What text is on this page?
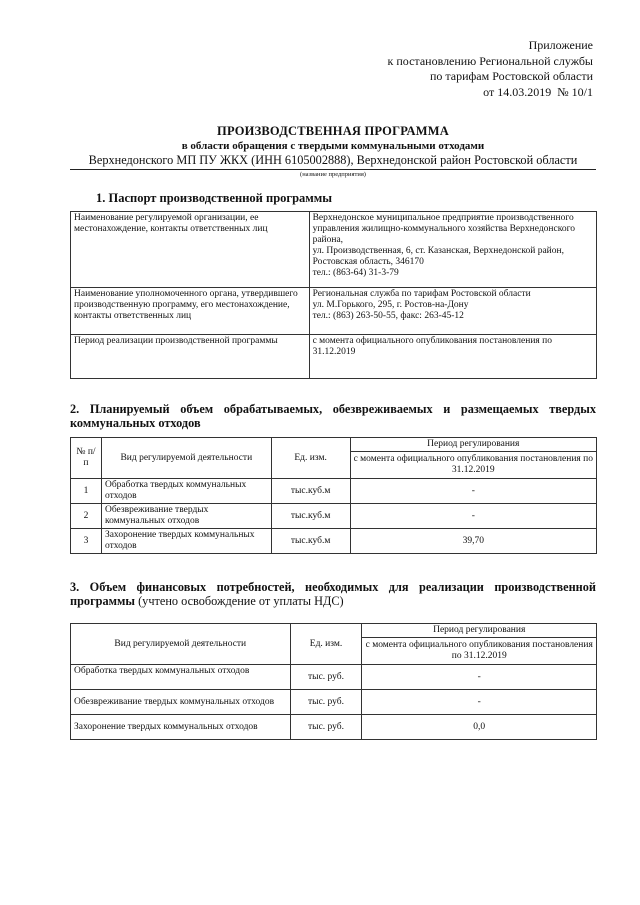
Приложение
к постановлению Региональной службы
по тарифам Ростовской области
от 14.03.2019  № 10/1
ПРОИЗВОДСТВЕННАЯ ПРОГРАММА
в области обращения с твердыми коммунальными отходами
Верхнедонского МП ПУ ЖКХ (ИНН 6105002888), Верхнедонской район Ростовской области
(название предприятия)
1. Паспорт производственной программы
Наименование регулируемой организации, ее местонахождение, контакты ответственных лиц	Верхнедонское муниципальное предприятие производственного управления жилищно-коммунального хозяйства Верхнедонского района,
ул. Производственная, 6, ст. Казанская, Верхнедонской район, Ростовская область, 346170
тел.: (863-64) 31-3-79

Наименование уполномоченного органа, утвердившего производственную программу, его местонахождение, контакты ответственных лиц	Региональная служба по тарифам Ростовской области
ул. М.Горького, 295, г. Ростов-на-Дону
тел.: (863) 263-50-55, факс: 263-45-12

Период реализации производственной программы	с момента официального опубликования постановления по 31.12.2019
2. Планируемый объем обрабатываемых, обезвреживаемых и размещаемых твердых коммунальных отходов
№ п/п	Вид регулируемой деятельности	Ед. изм.	Период регулирования
			с момента официального опубликования постановления по 31.12.2019
1	Обработка твердых коммунальных отходов	тыс.куб.м	-
2	Обезвреживание твердых коммунальных отходов	тыс.куб.м	-
3	Захоронение твердых коммунальных отходов	тыс.куб.м	39,70
3. Объем финансовых потребностей, необходимых для реализации производственной программы (учтено освобождение от уплаты НДС)
Вид регулируемой деятельности	Ед. изм.	Период регулирования
		с момента официального опубликования постановления по 31.12.2019
Обработка твердых коммунальных отходов	тыс. руб.	-
Обезвреживание твердых коммунальных отходов	тыс. руб.	-
Захоронение твердых коммунальных отходов	тыс. руб.	0,0
